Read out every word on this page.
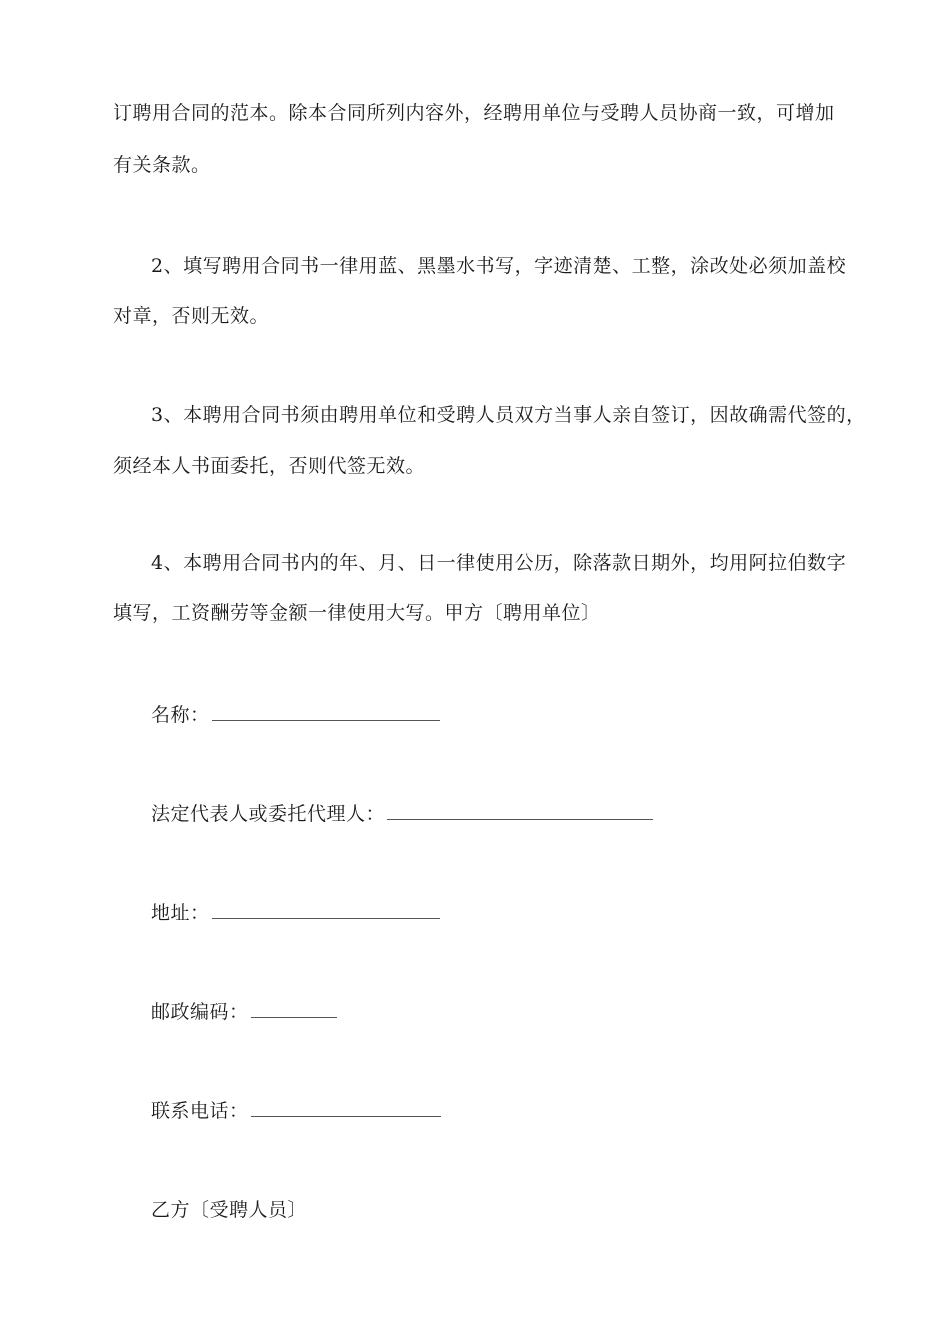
订聘用合同的范本。除本合同所列内容外，经聘用单位与受聘人员协商一致，可增加
有关条款。
2、填写聘用合同书一律用蓝、黑墨水书写，字迹清楚、工整，涂改处必须加盖校
对章，否则无效。
3、本聘用合同书须由聘用单位和受聘人员双方当事人亲自签订，因故确需代签的，
须经本人书面委托，否则代签无效。
4、本聘用合同书内的年、月、日一律使用公历，除落款日期外，均用阿拉伯数字
填写，工资酬劳等金额一律使用大写。甲方〔聘用单位〕
名称：
法定代表人或委托代理人：
地址：
邮政编码：
联系电话：
乙方〔受聘人员〕
